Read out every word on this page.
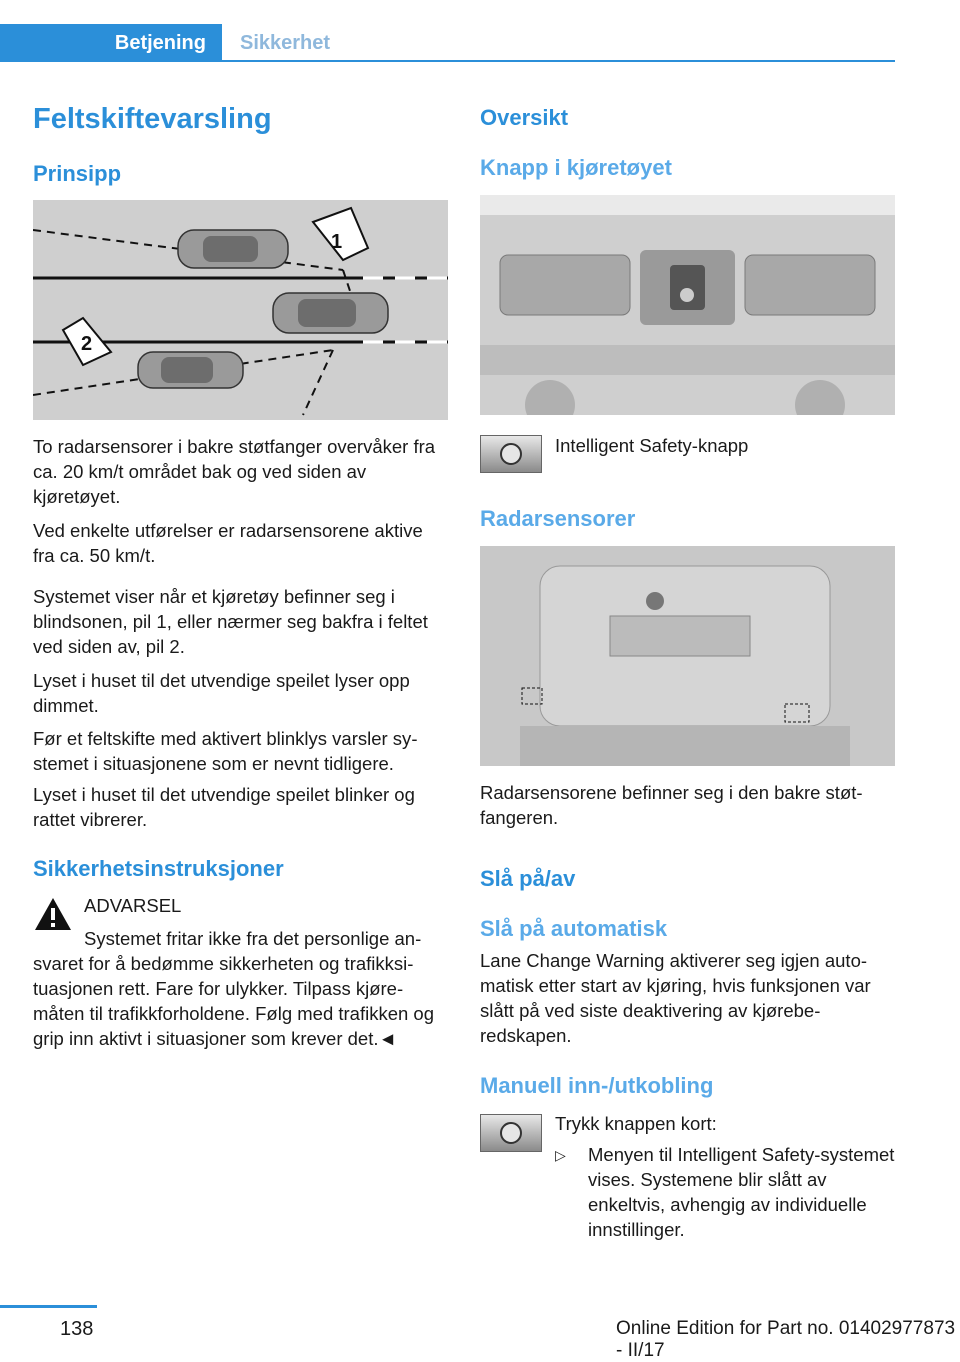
Betjening	Sikkerhet
Feltskiftevarsling
Prinsipp
1
2

To radarsensorer i bakre støtfanger overvåker fra ca. 20 km/t området bak og ved siden av kjøretøyet.

Ved enkelte utførelser er radarsensorene aktive fra ca. 50 km/t.

Systemet viser når et kjøretøy befinner seg i blindsonen, pil 1, eller nærmer seg bakfra i feltet ved siden av, pil 2.

Lyset i huset til det utvendige speilet lyser opp dimmet.

Før et feltskifte med aktivert blinklys varsler systemet i situasjonene som er nevnt tidligere.

Lyset i huset til det utvendige speilet blinker og rattet vibrerer.

Sikkerhetsinstruksjoner
ADVARSEL

Systemet fritar ikke fra det personlige ansvaret for å bedømme sikkerheten og trafikksituasjonen rett. Fare for ulykker. Tilpass kjøremåten til trafikkforholdene. Følg med trafikken og grip inn aktivt i situasjoner som krever det.◄

Oversikt
Knapp i kjøretøyet
Intelligent Safety-knapp
Radarsensorer

Radarsensorene befinner seg i den bakre støtfangeren.

Slå på/av
Slå på automatisk

Lane Change Warning aktiverer seg igjen automatisk etter start av kjøring, hvis funksjonen var slått på ved siste deaktivering av kjøreberedskapen.

Manuell inn-/utkobling
Trykk knappen kort:
▷ Menyen til Intelligent Safety-systemet vises. Systemene blir slått av enkeltvis, avhengig av individuelle innstillinger.

138	Online Edition for Part no. 01402977873 - II/17
